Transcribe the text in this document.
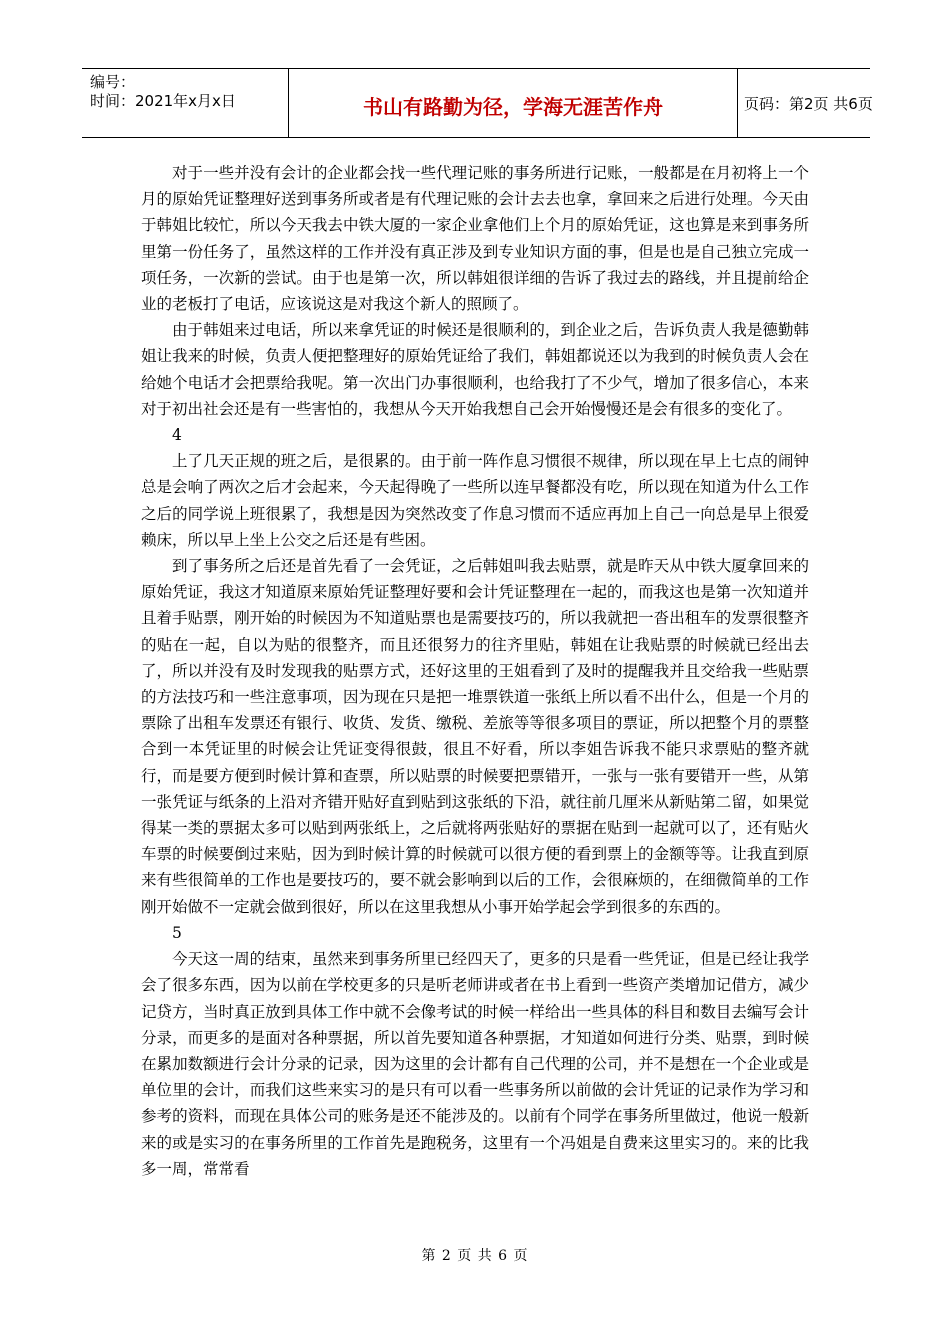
编号：
时间：2021年x月x日	书山有路勤为径，学海无涯苦作舟	页码：第2页 共6页

对于一些并没有会计的企业都会找一些代理记账的事务所进行记账，一般都是在月初将上一个月的原始凭证整理好送到事务所或者是有代理记账的会计去去也拿，拿回来之后进行处理。今天由于韩姐比较忙，所以今天我去中铁大厦的一家企业拿他们上个月的原始凭证，这也算是来到事务所里第一份任务了，虽然这样的工作并没有真正涉及到专业知识方面的事，但是也是自己独立完成一项任务，一次新的尝试。由于也是第一次，所以韩姐很详细的告诉了我过去的路线，并且提前给企业的老板打了电话，应该说这是对我这个新人的照顾了。

由于韩姐来过电话，所以来拿凭证的时候还是很顺利的，到企业之后，告诉负责人我是德勤韩姐让我来的时候，负责人便把整理好的原始凭证给了我们，韩姐都说还以为我到的时候负责人会在给她个电话才会把票给我呢。第一次出门办事很顺利，也给我打了不少气，增加了很多信心，本来对于初出社会还是有一些害怕的，我想从今天开始我想自己会开始慢慢还是会有很多的变化了。

4

上了几天正规的班之后，是很累的。由于前一阵作息习惯很不规律，所以现在早上七点的闹钟总是会响了两次之后才会起来，今天起得晚了一些所以连早餐都没有吃，所以现在知道为什么工作之后的同学说上班很累了，我想是因为突然改变了作息习惯而不适应再加上自己一向总是早上很爱赖床，所以早上坐上公交之后还是有些困。

到了事务所之后还是首先看了一会凭证，之后韩姐叫我去贴票，就是昨天从中铁大厦拿回来的原始凭证，我这才知道原来原始凭证整理好要和会计凭证整理在一起的，而我这也是第一次知道并且着手贴票，刚开始的时候因为不知道贴票也是需要技巧的，所以我就把一沓出租车的发票很整齐的贴在一起，自以为贴的很整齐，而且还很努力的往齐里贴，韩姐在让我贴票的时候就已经出去了，所以并没有及时发现我的贴票方式，还好这里的王姐看到了及时的提醒我并且交给我一些贴票的方法技巧和一些注意事项，因为现在只是把一堆票铁道一张纸上所以看不出什么，但是一个月的票除了出租车发票还有银行、收货、发货、缴税、差旅等等很多项目的票证，所以把整个月的票整合到一本凭证里的时候会让凭证变得很鼓，很且不好看，所以李姐告诉我不能只求票贴的整齐就行，而是要方便到时候计算和查票，所以贴票的时候要把票错开，一张与一张有要错开一些，从第一张凭证与纸条的上沿对齐错开贴好直到贴到这张纸的下沿，就往前几厘米从新贴第二留，如果觉得某一类的票据太多可以贴到两张纸上，之后就将两张贴好的票据在贴到一起就可以了，还有贴火车票的时候要倒过来贴，因为到时候计算的时候就可以很方便的看到票上的金额等等。让我直到原来有些很简单的工作也是要技巧的，要不就会影响到以后的工作，会很麻烦的，在细微简单的工作刚开始做不一定就会做到很好，所以在这里我想从小事开始学起会学到很多的东西的。

5

今天这一周的结束，虽然来到事务所里已经四天了，更多的只是看一些凭证，但是已经让我学会了很多东西，因为以前在学校更多的只是听老师讲或者在书上看到一些资产类增加记借方，减少记贷方，当时真正放到具体工作中就不会像考试的时候一样给出一些具体的科目和数目去编写会计分录，而更多的是面对各种票据，所以首先要知道各种票据，才知道如何进行分类、贴票，到时候在累加数额进行会计分录的记录，因为这里的会计都有自己代理的公司，并不是想在一个企业或是单位里的会计，而我们这些来实习的是只有可以看一些事务所以前做的会计凭证的记录作为学习和参考的资料，而现在具体公司的账务是还不能涉及的。以前有个同学在事务所里做过，他说一般新来的或是实习的在事务所里的工作首先是跑税务，这里有一个冯姐是自费来这里实习的。来的比我多一周，常常看

第 2 页 共 6 页
